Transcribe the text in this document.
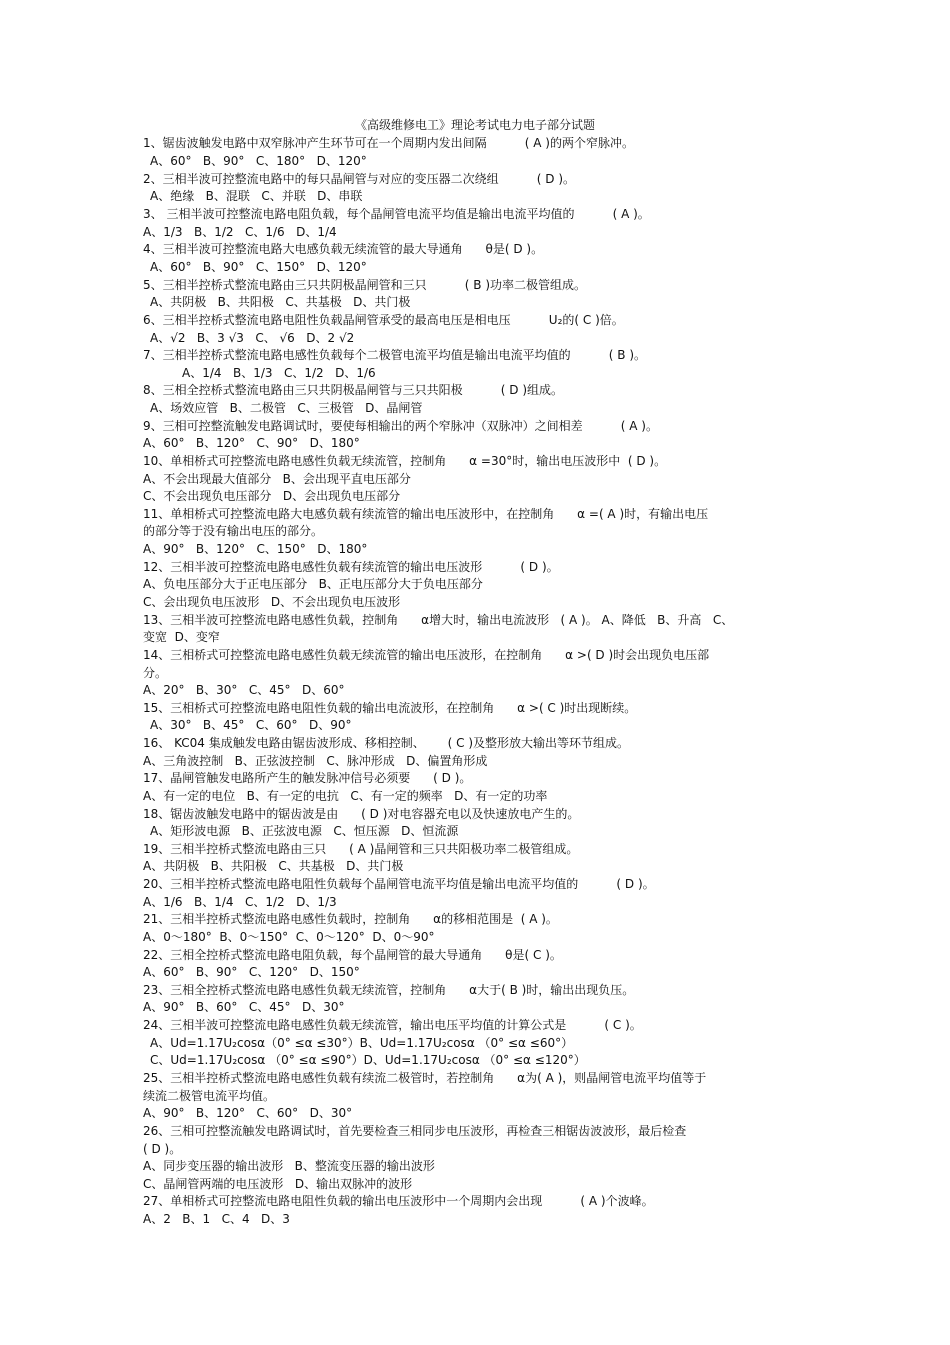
《高级维修电工》理论考试电力电子部分试题
1、锯齿波触发电路中双窄脉冲产生环节可在一个周期内发出间隔          ( A )的两个窄脉冲。
A、60°   B、90°   C、180°   D、120°
2、三相半波可控整流电路中的每只晶闸管与对应的变压器二次绕组          ( D )。
A、绝缘   B、混联   C、并联   D、串联
3、 三相半波可控整流电路电阻负载，每个晶闸管电流平均值是输出电流平均值的          ( A )。
A、1/3   B、1/2   C、1/6   D、1/4
4、三相半波可控整流电路大电感负载无续流管的最大导通角      θ是( D )。
A、60°   B、90°   C、150°   D、120°
5、三相半控桥式整流电路由三只共阴极晶闸管和三只          ( B )功率二极管组成。
A、共阴极   B、共阳极   C、共基极   D、共门极
6、三相半控桥式整流电路电阻性负载晶闸管承受的最高电压是相电压          U₂的( C )倍。
A、√2   B、3 √3   C、 √6   D、2 √2
7、三相半控桥式整流电路电感性负载每个二极管电流平均值是输出电流平均值的          ( B )。
A、1/4   B、1/3   C、1/2   D、1/6
8、三相全控桥式整流电路由三只共阴极晶闸管与三只共阳极          ( D )组成。
A、场效应管   B、二极管   C、三极管   D、晶闸管
9、三相可控整流触发电路调试时，要使每相输出的两个窄脉冲（双脉冲）之间相差          ( A )。
A、60°   B、120°   C、90°   D、180°
10、单相桥式可控整流电路电感性负载无续流管，控制角      α =30°时，输出电压波形中  ( D )。
A、不会出现最大值部分   B、会出现平直电压部分
C、不会出现负电压部分   D、会出现负电压部分
11、单相桥式可控整流电路大电感负载有续流管的输出电压波形中，在控制角      α =( A )时，有输出电压
的部分等于没有输出电压的部分。
A、90°   B、120°   C、150°   D、180°
12、三相半波可控整流电路电感性负载有续流管的输出电压波形          ( D )。
A、负电压部分大于正电压部分   B、正电压部分大于负电压部分
C、会出现负电压波形   D、不会出现负电压波形
13、三相半波可控整流电路电感性负载，控制角      α增大时，输出电流波形   ( A )。 A、降低   B、升高   C、
变宽  D、变窄
14、三相桥式可控整流电路电感性负载无续流管的输出电压波形，在控制角      α >( D )时会出现负电压部
分。
A、20°   B、30°   C、45°   D、60°
15、三相桥式可控整流电路电阻性负载的输出电流波形，在控制角      α >( C )时出现断续。
A、30°   B、45°   C、60°   D、90°
16、 KC04 集成触发电路由锯齿波形成、移相控制、      ( C )及整形放大输出等环节组成。
A、三角波控制   B、正弦波控制   C、脉冲形成   D、偏置角形成
17、晶闸管触发电路所产生的触发脉冲信号必须要      ( D )。
A、有一定的电位   B、有一定的电抗   C、有一定的频率   D、有一定的功率
18、锯齿波触发电路中的锯齿波是由      ( D )对电容器充电以及快速放电产生的。
A、矩形波电源   B、正弦波电源   C、恒压源   D、恒流源
19、三相半控桥式整流电路由三只      ( A )晶闸管和三只共阳极功率二极管组成。
A、共阴极   B、共阳极   C、共基极   D、共门极
20、三相半控桥式整流电路电阻性负载每个晶闸管电流平均值是输出电流平均值的          ( D )。
A、1/6   B、1/4   C、1/2   D、1/3
21、三相半控桥式整流电路电感性负载时，控制角      α的移相范围是  ( A )。
A、0～180°  B、0～150°  C、0～120°  D、0～90°
22、三相全控桥式整流电路电阻负载，每个晶闸管的最大导通角      θ是( C )。
A、60°   B、90°   C、120°   D、150°
23、三相全控桥式整流电路电感性负载无续流管，控制角      α大于( B )时，输出出现负压。
A、90°   B、60°   C、45°   D、30°
24、三相半波可控整流电路电感性负载无续流管，输出电压平均值的计算公式是          ( C )。
A、Ud=1.17U₂cosα（0° ≤α ≤30°）B、Ud=1.17U₂cosα （0° ≤α ≤60°）
C、Ud=1.17U₂cosα （0° ≤α ≤90°）D、Ud=1.17U₂cosα （0° ≤α ≤120°）
25、三相半控桥式整流电路电感性负载有续流二极管时，若控制角      α为( A )，则晶闸管电流平均值等于
续流二极管电流平均值。
A、90°   B、120°   C、60°   D、30°
26、三相可控整流触发电路调试时，首先要检查三相同步电压波形，再检查三相锯齿波波形，最后检查
( D )。
A、同步变压器的输出波形   B、整流变压器的输出波形
C、晶闸管两端的电压波形   D、输出双脉冲的波形
27、单相桥式可控整流电路电阻性负载的输出电压波形中一个周期内会出现          ( A )个波峰。
A、2   B、1   C、4   D、3
